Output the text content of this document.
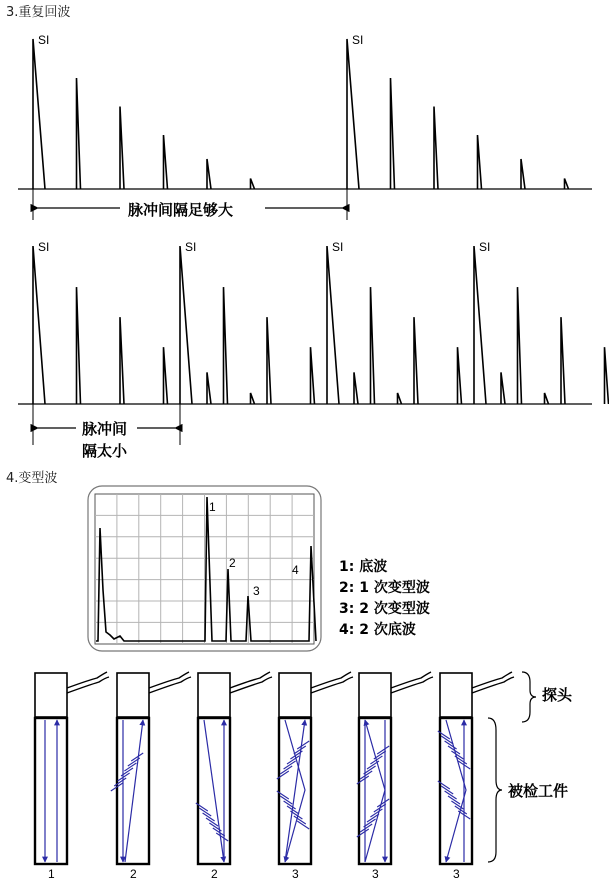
3.重复回波
4.变型波
脉冲间隔足够大
脉冲间
隔太小
1: 底波
2: 1 次变型波
3: 2 次变型波
4: 2 次底波
探头
被检工件
SI	SI
SI	SI	SI	SI
1
2
3
4
1	2	2	3	3	3
